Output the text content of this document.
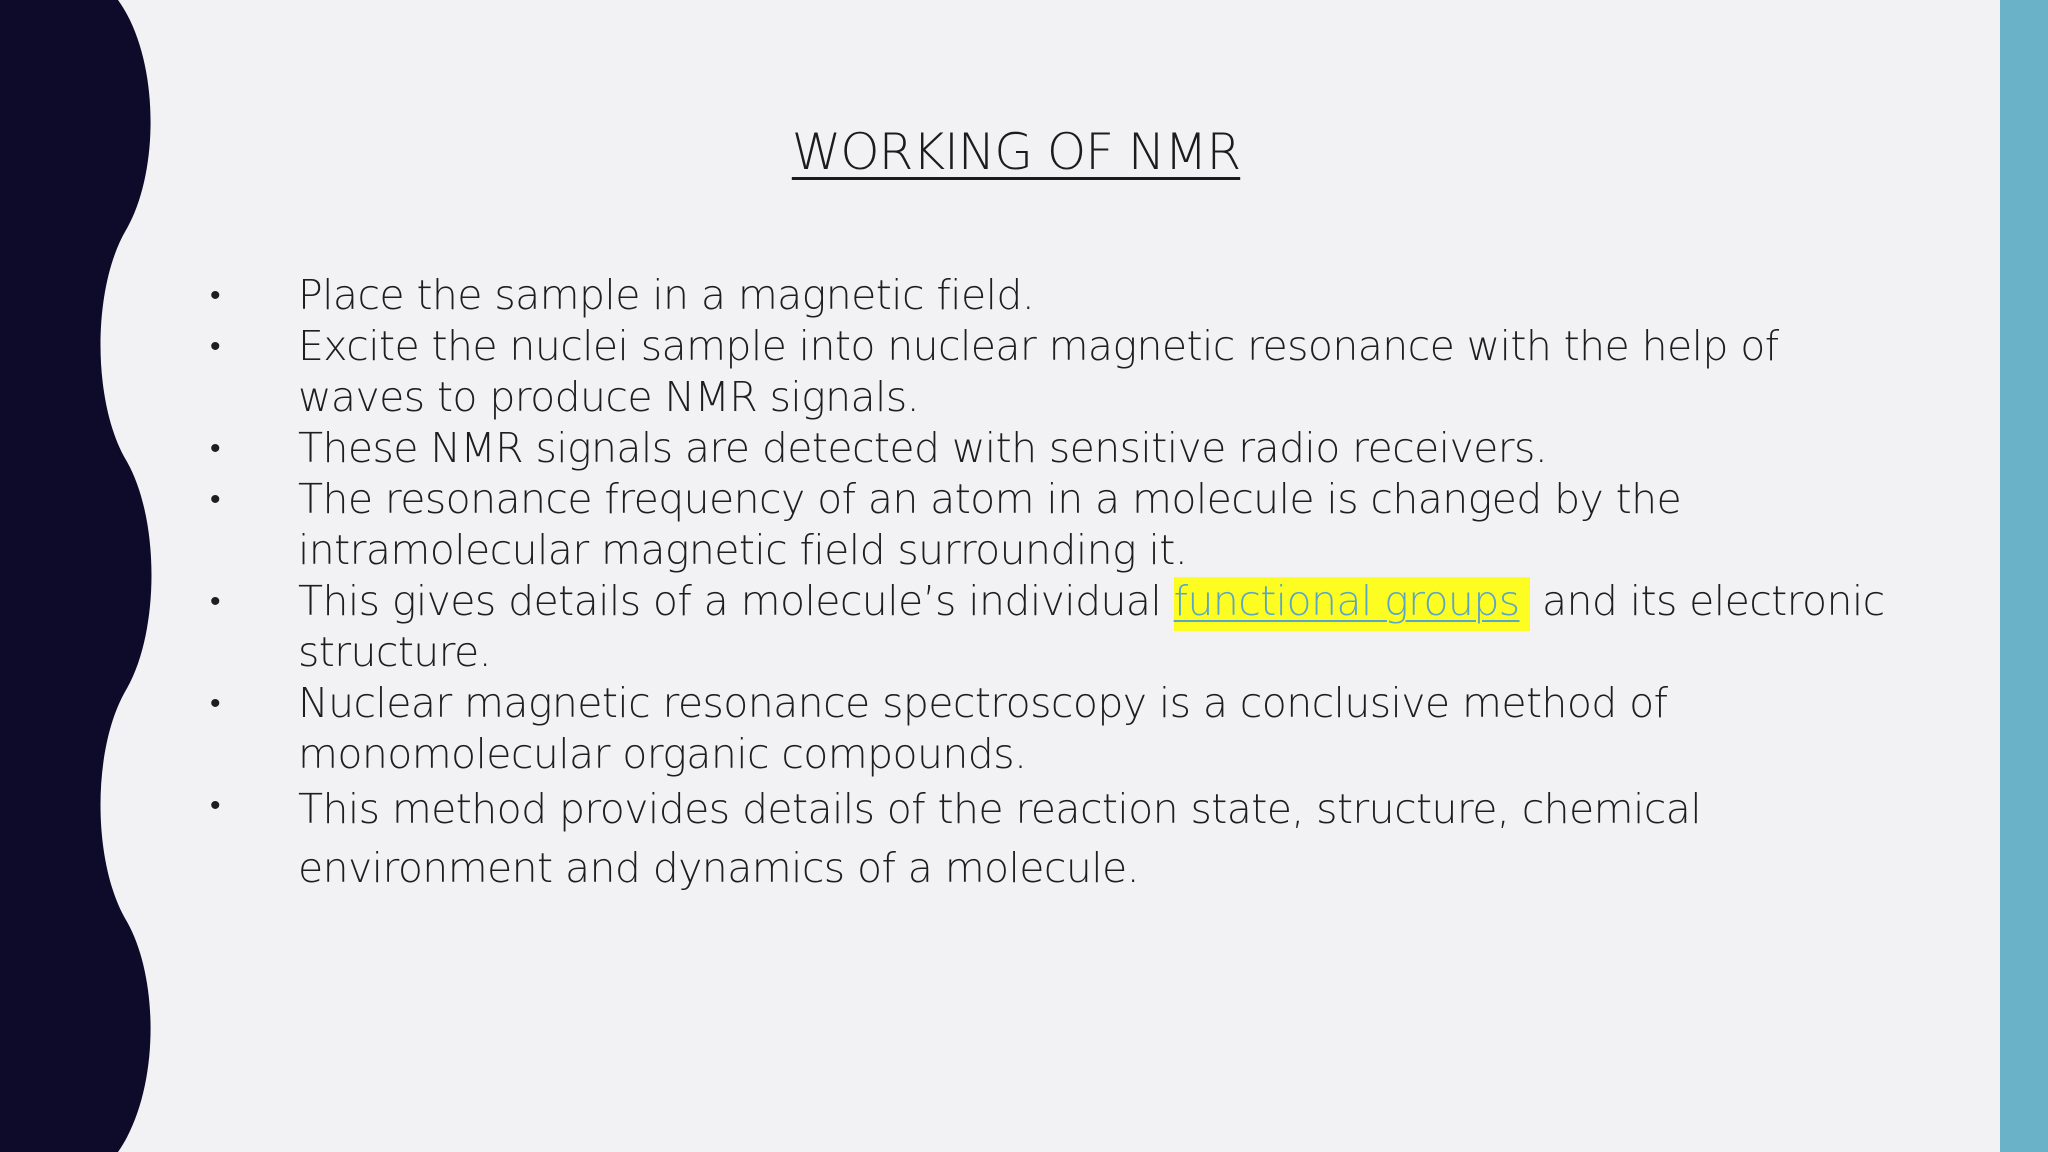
WORKING OF NMR
• Place the sample in a magnetic field.
• Excite the nuclei sample into nuclear magnetic resonance with the help of
waves to produce NMR signals.
• These NMR signals are detected with sensitive radio receivers.
• The resonance frequency of an atom in a molecule is changed by the
intramolecular magnetic field surrounding it.
• This gives details of a molecule’s individual functional groups and its electronic
structure.
• Nuclear magnetic resonance spectroscopy is a conclusive method of
monomolecular organic compounds.
• This method provides details of the reaction state, structure, chemical
environment and dynamics of a molecule.
